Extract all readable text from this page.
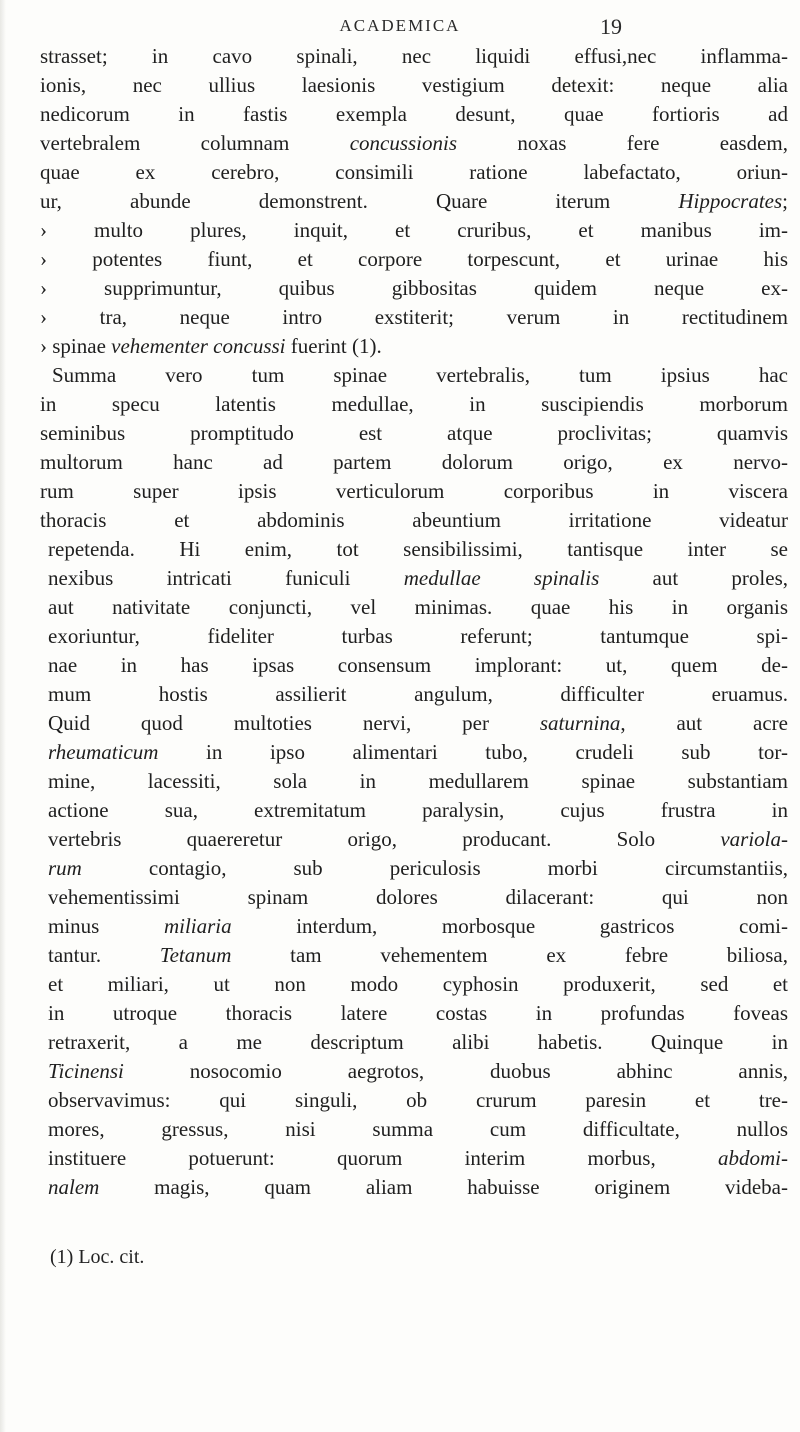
ACADEMICA	19
strasset; in cavo spinali, nec liquidi effusi,nec inflamma-
ionis, nec ullius laesionis vestigium detexit: neque alia
nedicorum in fastis exempla desunt, quae fortioris ad
vertebralem columnam concussionis noxas fere easdem,
quae ex cerebro, consimili ratione labefactato, oriun-
ur, abunde demonstrent. Quare iterum Hippocrates;
› multo plures, inquit, et cruribus, et manibus im-
› potentes fiunt, et corpore torpescunt, et urinae his
› supprimuntur, quibus gibbositas quidem neque ex-
› tra, neque intro exstiterit; verum in rectitudinem
› spinae vehementer concussi fuerint (1).
Summa vero tum spinae vertebralis, tum ipsius hac
in specu latentis medullae, in suscipiendis morborum
seminibus promptitudo est atque proclivitas; quamvis
multorum hanc ad partem dolorum origo, ex nervo-
rum super ipsis verticulorum corporibus in viscera
thoracis et abdominis abeuntium irritatione videatur
repetenda. Hi enim, tot sensibilissimi, tantisque inter se
nexibus intricati funiculi medullae spinalis aut proles,
aut nativitate conjuncti, vel minimas. quae his in organis
exoriuntur, fideliter turbas referunt; tantumque spi-
nae in has ipsas consensum implorant: ut, quem de-
mum hostis assilierit angulum, difficulter eruamus.
Quid quod multoties nervi, per saturnina, aut acre
rheumaticum in ipso alimentari tubo, crudeli sub tor-
mine, lacessiti, sola in medullarem spinae substantiam
actione sua, extremitatum paralysin, cujus frustra in
vertebris quaereretur origo, producant. Solo variola-
rum contagio, sub periculosis morbi circumstantiis,
vehementissimi spinam dolores dilacerant: qui non
minus miliaria interdum, morbosque gastricos comi-
tantur. Tetanum tam vehementem ex febre biliosa,
et miliari, ut non modo cyphosin produxerit, sed et
in utroque thoracis latere costas in profundas foveas
retraxerit, a me descriptum alibi habetis. Quinque in
Ticinensi nosocomio aegrotos, duobus abhinc annis,
observavimus: qui singuli, ob crurum paresin et tre-
mores, gressus, nisi summa cum difficultate, nullos
instituere potuerunt: quorum interim morbus, abdomi-
nalem magis, quam aliam habuisse originem videba-
(1) Loc. cit.
